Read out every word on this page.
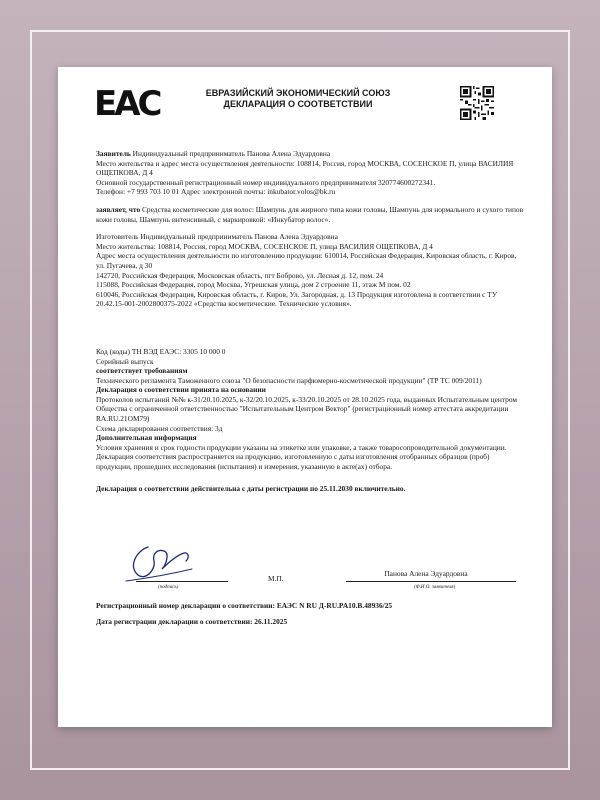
EAC	ЕВРАЗИЙСКИЙ ЭКОНОМИЧЕСКИЙ СОЮЗ
ДЕКЛАРАЦИЯ О СООТВЕТСТВИИ

Заявитель Индивидуальный предприниматель Панова Алена Эдуардовна

Место жительства и адрес места осуществления деятельности: 108814, Россия, город МОСКВА, СОСЕНСКОЕ П, улица ВАСИЛИЯ ОЩЕПКОВА, Д 4

Основной государственный регистрационный номер индивидуального предпринимателя 320774600272341.

Телефон: +7 993 703 10 01 Адрес электронной почты: inkubator.volos@bk.ru

заявляет, что Средства косметические для волос: Шампунь для жирного типа кожи головы, Шампунь для нормального и сухого типов кожи головы, Шампунь интенсивный, с маркировкой: «Инкубатор волос».

Изготовитель Индивидуальный предприниматель Панова Алена Эдуардовна

Место жительства: 108814, Россия, город МОСКВА, СОСЕНСКОЕ П, улица ВАСИЛИЯ ОЩЕПКОВА, Д 4

Адрес места осуществления деятельности по изготовлению продукции: 610014, Российская Федерация, Кировская область, г. Киров, ул. Пугачева, д 30

142720, Российская Федерация, Московская область, пгт Боброво, ул. Лесная д. 12, пом. 24

115088, Российская Федерация, город Москва, Угрешская улица, дом 2 строение 11, этаж М пом. 02

610046, Российская Федерация, Кировская область, г. Киров, Ул. Загородная, д. 13 Продукция изготовлена в соответствии с ТУ 20.42.15-001-2002800375-2022 «Средства косметические. Технические условия».

Код (коды) ТН ВЭД ЕАЭС: 3305 10 000 0

Серийный выпуск

соответствует требованиям

Технического регламента Таможенного союза "О безопасности парфюмерно-косметической продукции" (ТР ТС 009/2011)

Декларация о соответствии принята на основании

Протоколов испытаний №№ к-31/20.10.2025, к-32/20.10.2025, к-33/20.10.2025 от 28.10.2025 года, выданных Испытательным центром Общества с ограниченной ответственностью "Испытательным Центром Вектор" (регистрационный номер аттестата аккредитации RA.RU.21OM79)

Схема декларирования соответствия: 3д

Дополнительная информация

Условия хранения и срок годности продукции указаны на этикетке или упаковке, а также товаросопроводительной документации. Декларация соответствия распространяется на продукцию, изготовленную с даты изготовления отобранных образцов (проб) продукции, прошедших исследования (испытания) и измерения, указанную в акте(ах) отбора.

Декларация о соответствии действительна с даты регистрации по 25.11.2030 включительно.

(подпись)
М.П.
Панова Алена Эдуардовна
(Ф.И.О. заявителя)

Регистрационный номер декларации о соответствии: ЕАЭС N RU Д-RU.PA10.B.48936/25

Дата регистрации декларации о соответствии: 26.11.2025
